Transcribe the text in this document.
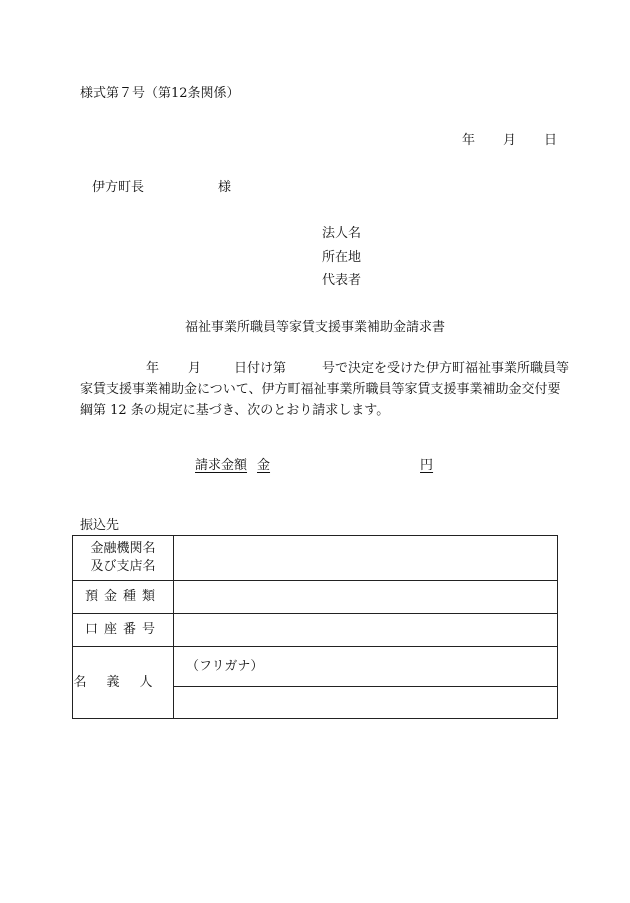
様式第７号（第12条関係）
年 月 日
伊方町長	様
法人名
所在地
代表者
福祉事業所職員等家賃支援事業補助金請求書
年 月	日付け第	号で決定を受けた伊方町福祉事業所職員等
家賃支援事業補助金について、伊方町福祉事業所職員等家賃支援事業補助金交付要
綱第 12 条の規定に基づき、次のとおり請求します。
請求金額 金	円
振込先
金融機関名
及び支店名	
預金種類	
口座番号	
名義人	（フリガナ）
